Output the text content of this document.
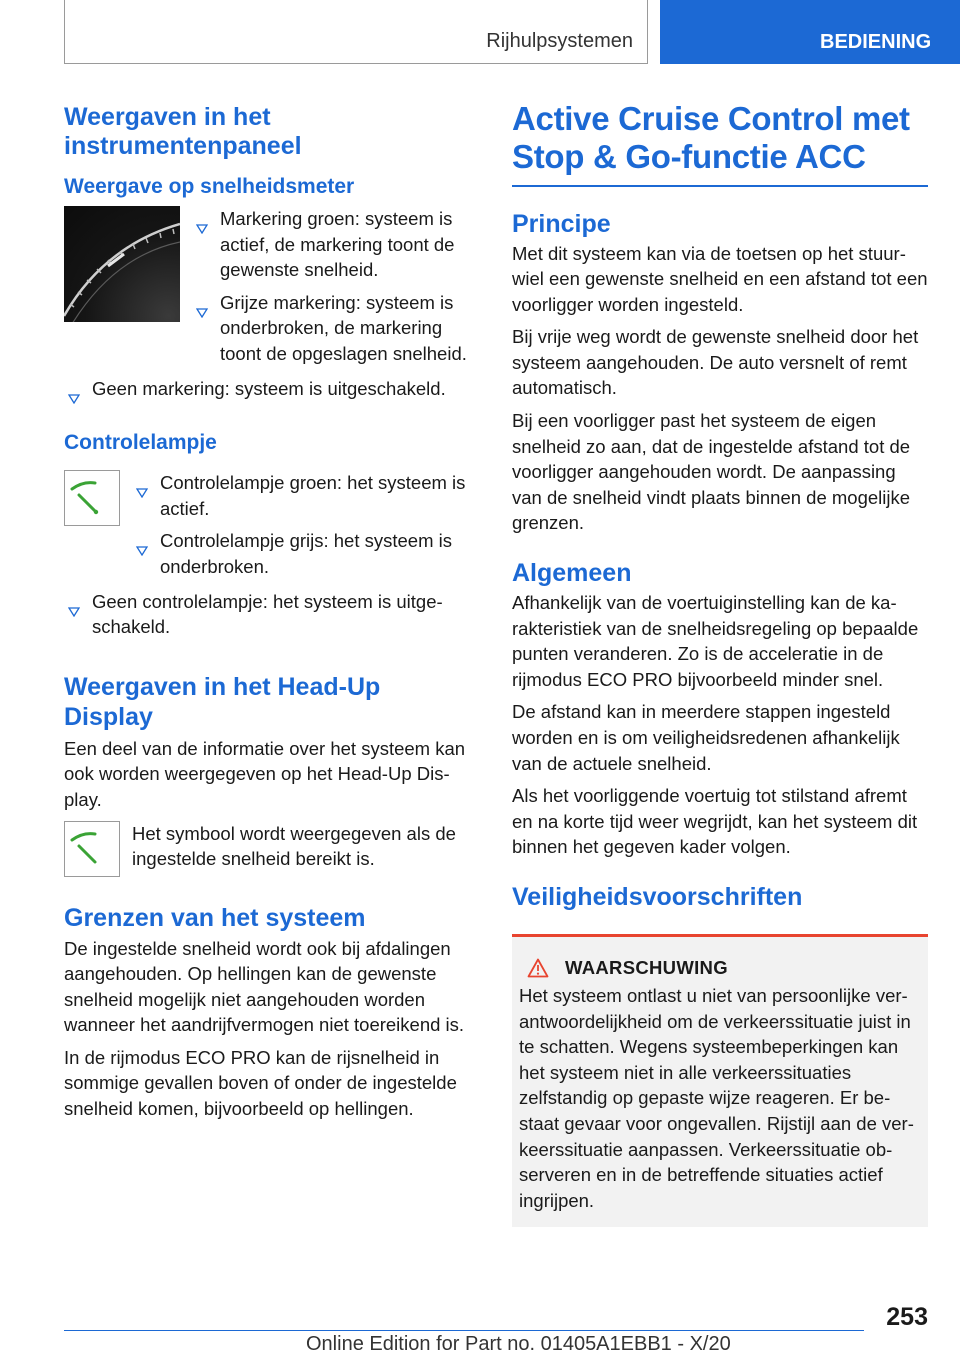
Rijhulpsystemen	BEDIENING
Weergaven in het instrumentenpaneel
Weergave op snelheidsmeter
Markering groen: systeem is actief, de markering toont de gewenste snelheid.
Grijze markering: systeem is onderbroken, de markering toont de opgeslagen snelheid.
Geen markering: systeem is uitgeschakeld.
Controlelampje
Controlelampje groen: het systeem is actief.
Controlelampje grijs: het systeem is onderbroken.
Geen controlelampje: het systeem is uitgeschakeld.
Weergaven in het Head-Up Display

Een deel van de informatie over het systeem kan ook worden weergegeven op het Head-Up Display.

Het symbool wordt weergegeven als de ingestelde snelheid bereikt is.

Grenzen van het systeem

De ingestelde snelheid wordt ook bij afdalingen aangehouden. Op hellingen kan de gewenste snelheid mogelijk niet aangehouden worden wanneer het aandrijfvermogen niet toereikend is.

In de rijmodus ECO PRO kan de rijsnelheid in sommige gevallen boven of onder de ingestelde snelheid komen, bijvoorbeeld op hellingen.

Active Cruise Control met Stop & Go-functie ACC
Principe

Met dit systeem kan via de toetsen op het stuurwiel een gewenste snelheid en een afstand tot een voorligger worden ingesteld.

Bij vrije weg wordt de gewenste snelheid door het systeem aangehouden. De auto versnelt of remt automatisch.

Bij een voorligger past het systeem de eigen snelheid zo aan, dat de ingestelde afstand tot de voorligger aangehouden wordt. De aanpassing van de snelheid vindt plaats binnen de mogelijke grenzen.

Algemeen

Afhankelijk van de voertuiginstelling kan de karakteristiek van de snelheidsregeling op bepaalde punten veranderen. Zo is de acceleratie in de rijmodus ECO PRO bijvoorbeeld minder snel.

De afstand kan in meerdere stappen ingesteld worden en is om veiligheidsredenen afhankelijk van de actuele snelheid.

Als het voorliggende voertuig tot stilstand afremt en na korte tijd weer wegrijdt, kan het systeem dit binnen het gegeven kader volgen.

Veiligheidsvoorschriften
WAARSCHUWING

Het systeem ontlast u niet van persoonlijke verantwoordelijkheid om de verkeerssituatie juist in te schatten. Wegens systeembeperkingen kan het systeem niet in alle verkeerssituaties zelfstandig op gepaste wijze reageren. Er bestaat gevaar voor ongevallen. Rijstijl aan de verkeerssituatie aanpassen. Verkeerssituatie observeren en in de betreffende situaties actief ingrijpen.

253
Online Edition for Part no. 01405A1EBB1 - X/20
